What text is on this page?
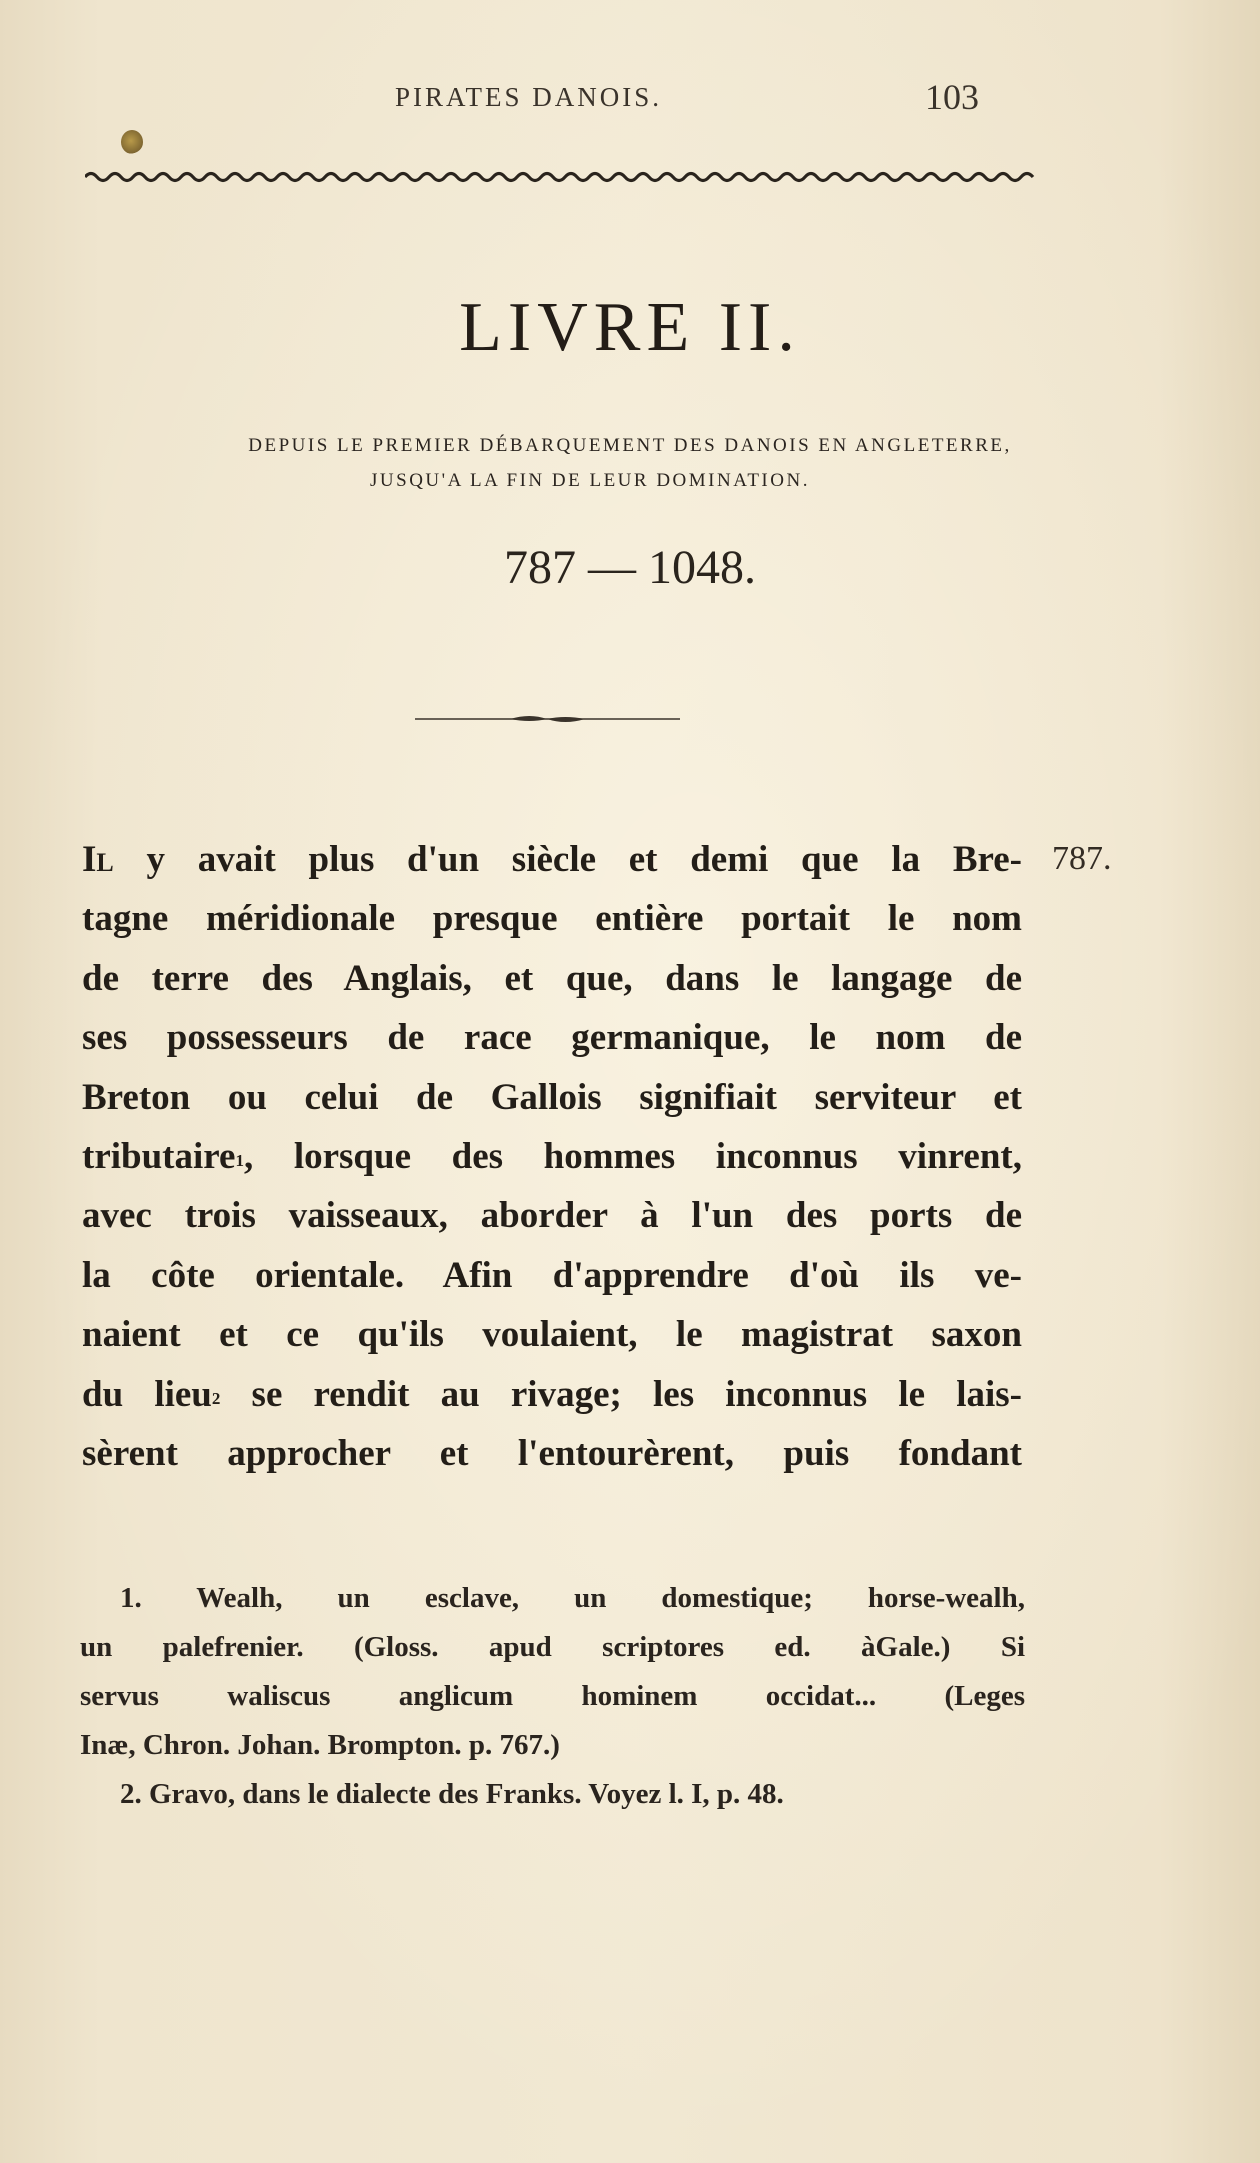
PIRATES DANOIS.	103
LIVRE II.
DEPUIS LE PREMIER DÉBARQUEMENT DES DANOIS EN ANGLETERRE,
JUSQU'A LA FIN DE LEUR DOMINATION.
787 — 1048.
787.
Il y avait plus d'un siècle et demi que la Bre-
tagne méridionale presque entière portait le nom
de terre des Anglais, et que, dans le langage de
ses possesseurs de race germanique, le nom de
Breton ou celui de Gallois signifiait serviteur et
tributaire$^1$, lorsque des hommes inconnus vinrent,
avec trois vaisseaux, aborder à l'un des ports de
la côte orientale. Afin d'apprendre d'où ils ve-
naient et ce qu'ils voulaient, le magistrat saxon
du lieu$^2$ se rendit au rivage; les inconnus le lais-
sèrent approcher et l'entourèrent, puis fondant
1. Wealh, un esclave, un domestique; horse-wealh,
un palefrenier. (Gloss. apud scriptores ed. àGale.) Si
servus waliscus anglicum hominem occidat... (Leges
Inæ, Chron. Johan. Brompton. p. 767.)
2. Gravo, dans le dialecte des Franks. Voyez l. I, p. 48.
